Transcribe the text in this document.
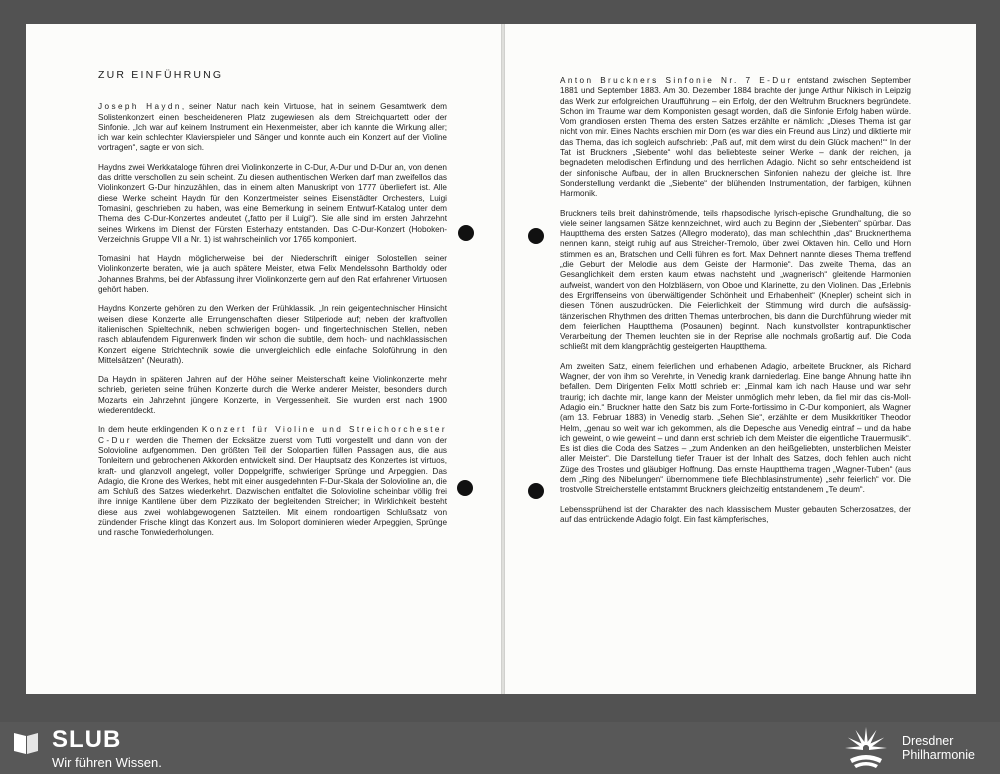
ZUR EINFÜHRUNG

Joseph Haydn, seiner Natur nach kein Virtuose, hat in seinem Gesamtwerk dem Solistenkonzert einen bescheideneren Platz zugewiesen als dem Streichquartett oder der Sinfonie. „Ich war auf keinem Instrument ein Hexenmeister, aber ich kannte die Wirkung aller; ich war kein schlechter Klavierspieler und Sänger und konnte auch ein Konzert auf der Violine vortragen“, sagte er von sich.

Haydns zwei Werkkataloge führen drei Violinkonzerte in C-Dur, A-Dur und D-Dur an, von denen das dritte verschollen zu sein scheint. Zu diesen authentischen Werken darf man zweifellos das Violinkonzert G-Dur hinzuzählen, das in einem alten Manuskript von 1777 überliefert ist. Alle diese Werke scheint Haydn für den Konzertmeister seines Eisenstädter Orchesters, Luigi Tomasini, geschrieben zu haben, was eine Bemerkung in seinem Entwurf-Katalog unter dem Thema des C-Dur-Konzertes andeutet („fatto per il Luigi“). Sie alle sind im ersten Jahrzehnt seines Wirkens im Dienst der Fürsten Esterhazy entstanden. Das C-Dur-Konzert (Hoboken-Verzeichnis Gruppe VII a Nr. 1) ist wahrscheinlich vor 1765 komponiert.

Tomasini hat Haydn möglicherweise bei der Niederschrift einiger Solostellen seiner Violinkonzerte beraten, wie ja auch spätere Meister, etwa Felix Mendelssohn Bartholdy oder Johannes Brahms, bei der Abfassung ihrer Violinkonzerte gern auf den Rat erfahrener Virtuosen gehört haben.

Haydns Konzerte gehören zu den Werken der Frühklassik. „In rein geigentechnischer Hinsicht weisen diese Konzerte alle Errungenschaften dieser Stilperiode auf; neben der kraftvollen italienischen Spieltechnik, neben schwierigen bogen- und fingertechnischen Stellen, neben rasch ablaufendem Figurenwerk finden wir schon die subtile, dem hoch- und nachklassischen Konzert eigene Strichtechnik sowie die unvergleichlich edle einfache Soloführung in den Mittelsätzen“ (Neurath).

Da Haydn in späteren Jahren auf der Höhe seiner Meisterschaft keine Violinkonzerte mehr schrieb, gerieten seine frühen Konzerte durch die Werke anderer Meister, besonders durch Mozarts ein Jahrzehnt jüngere Konzerte, in Vergessenheit. Sie wurden erst nach 1900 wiederentdeckt.

In dem heute erklingenden Konzert für Violine und Streichorchester C-Dur werden die Themen der Ecksätze zuerst vom Tutti vorgestellt und dann von der Solovioline aufgenommen. Den größten Teil der Solopartien füllen Passagen aus, die aus Tonleitern und gebrochenen Akkorden entwickelt sind. Der Hauptsatz des Konzertes ist virtuos, kraft- und glanzvoll angelegt, voller Doppelgriffe, schwieriger Sprünge und Arpeggien. Das Adagio, die Krone des Werkes, hebt mit einer ausgedehnten F-Dur-Skala der Solovioline an, die am Schluß des Satzes wiederkehrt. Dazwischen entfaltet die Solovioline scheinbar völlig frei ihre innige Kantilene über dem Pizzikato der begleitenden Streicher; in Wirklichkeit besteht diese aus zwei wohlabgewogenen Satzteilen. Mit einem rondoartigen Schlußsatz von zündender Frische klingt das Konzert aus. Im Soloport dominieren wieder Arpeggien, Sprünge und rasche Tonwiederholungen.

Anton Bruckners Sinfonie Nr. 7 E-Dur entstand zwischen September 1881 und September 1883. Am 30. Dezember 1884 brachte der junge Arthur Nikisch in Leipzig das Werk zur erfolgreichen Uraufführung – ein Erfolg, der den Weltruhm Bruckners begründete. Schon im Traume war dem Komponisten gesagt worden, daß die Sinfonie Erfolg haben würde. Vom grandiosen ersten Thema des ersten Satzes erzählte er nämlich: „Dieses Thema ist gar nicht von mir. Eines Nachts erschien mir Dorn (es war dies ein Freund aus Linz) und diktierte mir das Thema, das ich sogleich aufschrieb: ‚Paß auf, mit dem wirst du dein Glück machen!‘“ In der Tat ist Bruckners „Siebente“ wohl das beliebteste seiner Werke – dank der reichen, ja begnadeten melodischen Erfindung und des herrlichen Adagio. Nicht so sehr entscheidend ist der sinfonische Aufbau, der in allen Brucknerschen Sinfonien nahezu der gleiche ist. Ihre Sonderstellung verdankt die „Siebente“ der blühenden Instrumentation, der farbigen, kühnen Harmonik.

Bruckners teils breit dahinströmende, teils rhapsodische lyrisch-epische Grundhaltung, die so viele seiner langsamen Sätze kennzeichnet, wird auch zu Beginn der „Siebenten“ spürbar. Das Hauptthema des ersten Satzes (Allegro moderato), das man schlechthin „das“ Brucknerthema nennen kann, steigt ruhig auf aus Streicher-Tremolo, über zwei Oktaven hin. Cello und Horn stimmen es an, Bratschen und Celli führen es fort. Max Dehnert nannte dieses Thema treffend „die Geburt der Melodie aus dem Geiste der Harmonie“. Das zweite Thema, das an Gesanglichkeit dem ersten kaum etwas nachsteht und „wagnerisch“ gleitende Harmonien aufweist, wandert von den Holzbläsern, von Oboe und Klarinette, zu den Violinen. Das „Erlebnis des Ergriffenseins von überwältigender Schönheit und Erhabenheit“ (Knepler) scheint sich in diesen Tönen auszudrücken. Die Feierlichkeit der Stimmung wird durch die aufsässig-tänzerischen Rhythmen des dritten Themas unterbrochen, bis dann die Durchführung wieder mit dem feierlichen Hauptthema (Posaunen) beginnt. Nach kunstvollster kontrapunktischer Verarbeitung der Themen leuchten sie in der Reprise alle nochmals großartig auf. Die Coda schließt mit dem klangprächtig gesteigerten Hauptthema.

Am zweiten Satz, einem feierlichen und erhabenen Adagio, arbeitete Bruckner, als Richard Wagner, der von ihm so Verehrte, in Venedig krank darniederlag. Eine bange Ahnung hatte ihn befallen. Dem Dirigenten Felix Mottl schrieb er: „Einmal kam ich nach Hause und war sehr traurig; ich dachte mir, lange kann der Meister unmöglich mehr leben, da fiel mir das cis-Moll-Adagio ein.“ Bruckner hatte den Satz bis zum Forte-fortissimo in C-Dur komponiert, als Wagner (am 13. Februar 1883) in Venedig starb. „Sehen Sie“, erzählte er dem Musikkritiker Theodor Helm, „genau so weit war ich gekommen, als die Depesche aus Venedig eintraf – und da habe ich geweint, o wie geweint – und dann erst schrieb ich dem Meister die eigentliche Trauermusik“. Es ist dies die Coda des Satzes – „zum Andenken an den heißgeliebten, unsterblichen Meister aller Meister“. Die Darstellung tiefer Trauer ist der Inhalt des Satzes, doch fehlen auch nicht Züge des Trostes und gläubiger Hoffnung. Das ernste Hauptthema tragen „Wagner-Tuben“ (aus dem „Ring des Nibelungen“ übernommene tiefe Blechblasinstrumente) „sehr feierlich“ vor. Die trostvolle Streicherstelle entstammt Bruckners gleichzeitig entstandenem „Te deum“.

Lebenssprühend ist der Charakter des nach klassischem Muster gebauten Scherzosatzes, der auf das entrückende Adagio folgt. Ein fast kämpferisches,

SLUB
Wir führen Wissen.
Dresdner
Philharmonie
